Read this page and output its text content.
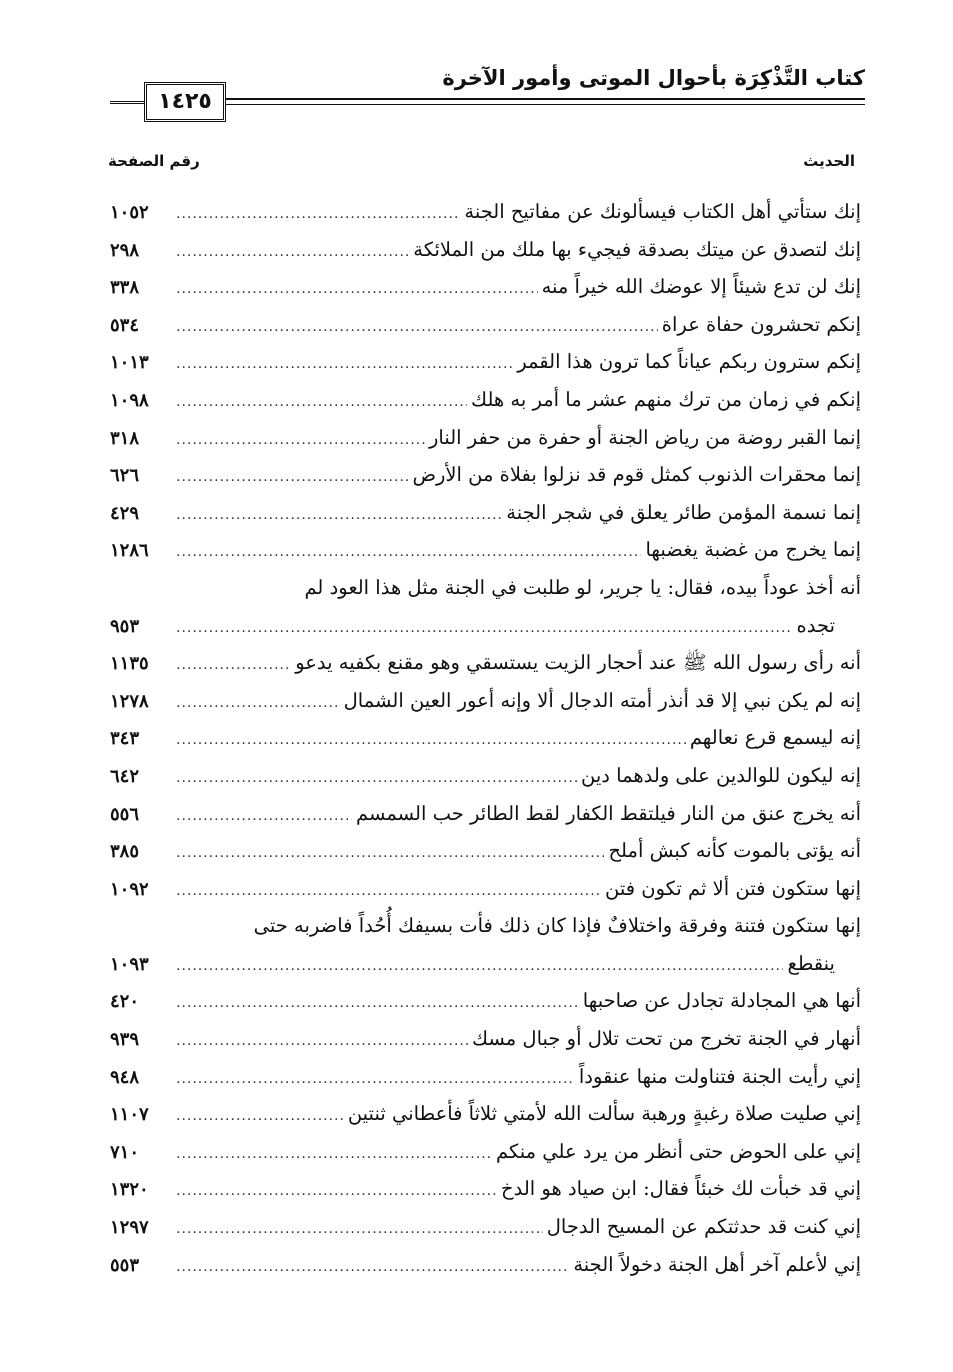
كتاب التَّذْكِرَة بأحوال الموتى وأمور الآخرة
١٤٢٥
الحديث
رقم الصفحة
إنك ستأتي أهل الكتاب فيسألونك عن مفاتيح الجنة
.....
١٠٥٢
إنك لتصدق عن ميتك بصدقة فيجيء بها ملك من الملائكة
.....
٢٩٨
إنك لن تدع شيئاً إلا عوضك الله خيراً منه
.....
٣٣٨
إنكم تحشرون حفاة عراة
.....
٥٣٤
إنكم سترون ربكم عياناً كما ترون هذا القمر
.....
١٠١٣
إنكم في زمان من ترك منهم عشر ما أمر به هلك
.....
١٠٩٨
إنما القبر روضة من رياض الجنة أو حفرة من حفر النار
.....
٣١٨
إنما محقرات الذنوب كمثل قوم قد نزلوا بفلاة من الأرض
.....
٦٢٦
إنما نسمة المؤمن طائر يعلق في شجر الجنة
.....
٤٢٩
إنما يخرج من غضبة يغضبها
.....
١٢٨٦
أنه أخذ عوداً بيده، فقال: يا جرير، لو طلبت في الجنة مثل هذا العود لم
تجده
.....
٩٥٣
أنه رأى رسول الله ﷺ عند أحجار الزيت يستسقي وهو مقنع بكفيه يدعو
.....
١١٣٥
إنه لم يكن نبي إلا قد أنذر أمته الدجال ألا وإنه أعور العين الشمال
.....
١٢٧٨
إنه ليسمع قرع نعالهم
.....
٣٤٣
إنه ليكون للوالدين على ولدهما دين
.....
٦٤٢
أنه يخرج عنق من النار فيلتقط الكفار لقط الطائر حب السمسم
.....
٥٥٦
أنه يؤتى بالموت كأنه كبش أملح
.....
٣٨٥
إنها ستكون فتن ألا ثم تكون فتن
.....
١٠٩٢
إنها ستكون فتنة وفرقة واختلافٌ فإذا كان ذلك فأت بسيفك أُحُداً فاضربه حتى
ينقطع
.....
١٠٩٣
أنها هي المجادلة تجادل عن صاحبها
.....
٤٢٠
أنهار في الجنة تخرج من تحت تلال أو جبال مسك
.....
٩٣٩
إني رأيت الجنة فتناولت منها عنقوداً
.....
٩٤٨
إني صليت صلاة رغبةٍ ورهبة سألت الله لأمتي ثلاثاً فأعطاني ثنتين
.....
١١٠٧
إني على الحوض حتى أنظر من يرد علي منكم
.....
٧١٠
إني قد خبأت لك خبئاً فقال: ابن صياد هو الدخ
.....
١٣٢٠
إني كنت قد حدثتكم عن المسيح الدجال
.....
١٢٩٧
إني لأعلم آخر أهل الجنة دخولاً الجنة
.....
٥٥٣
